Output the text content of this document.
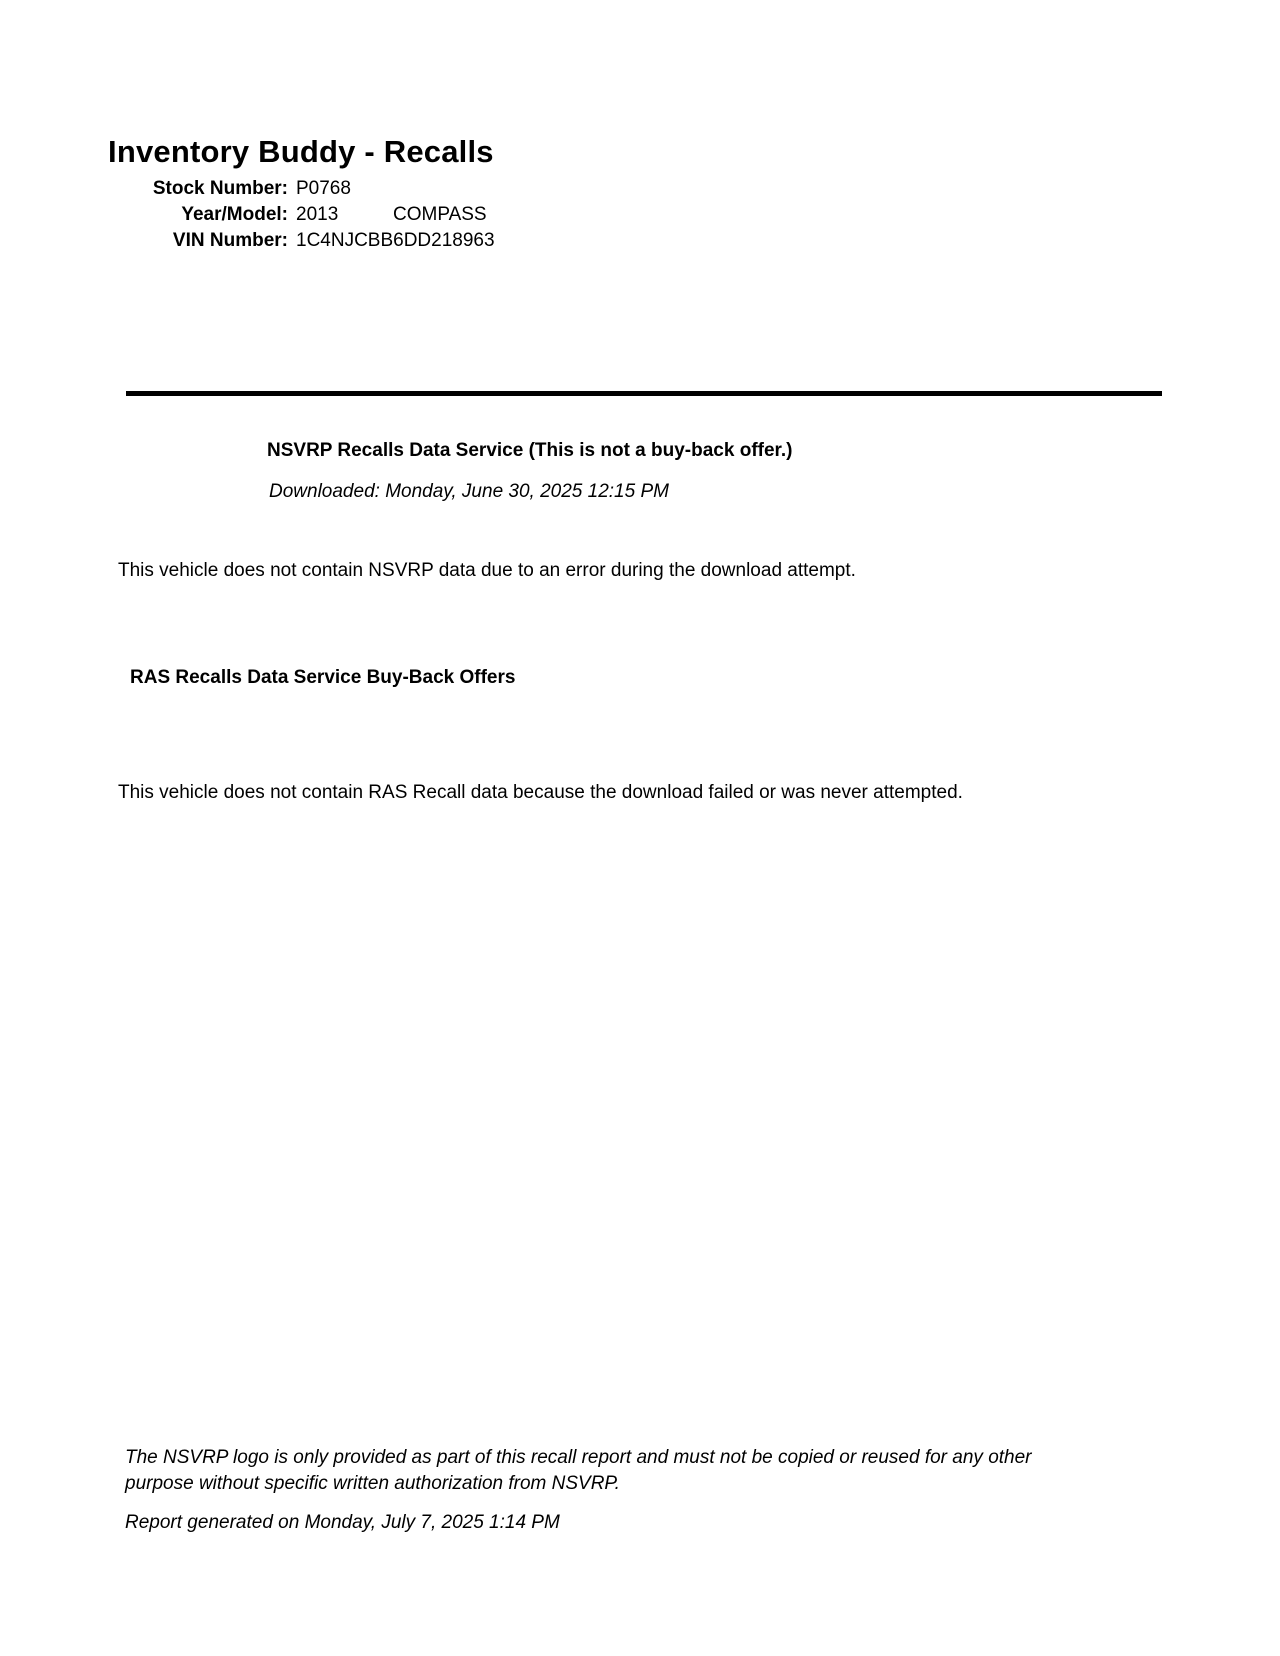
Inventory Buddy - Recalls
Stock Number: P0768
Year/Model: 2013	COMPASS
VIN Number: 1C4NJCBB6DD218963
NSVRP Recalls Data Service (This is not a buy-back offer.)
Downloaded: Monday, June 30, 2025 12:15 PM
This vehicle does not contain NSVRP data due to an error during the download attempt.
RAS Recalls Data Service Buy-Back Offers
This vehicle does not contain RAS Recall data because the download failed or was never attempted.
The NSVRP logo is only provided as part of this recall report and must not be copied or reused for any other
purpose without specific written authorization from NSVRP.
Report generated on Monday, July 7, 2025 1:14 PM
